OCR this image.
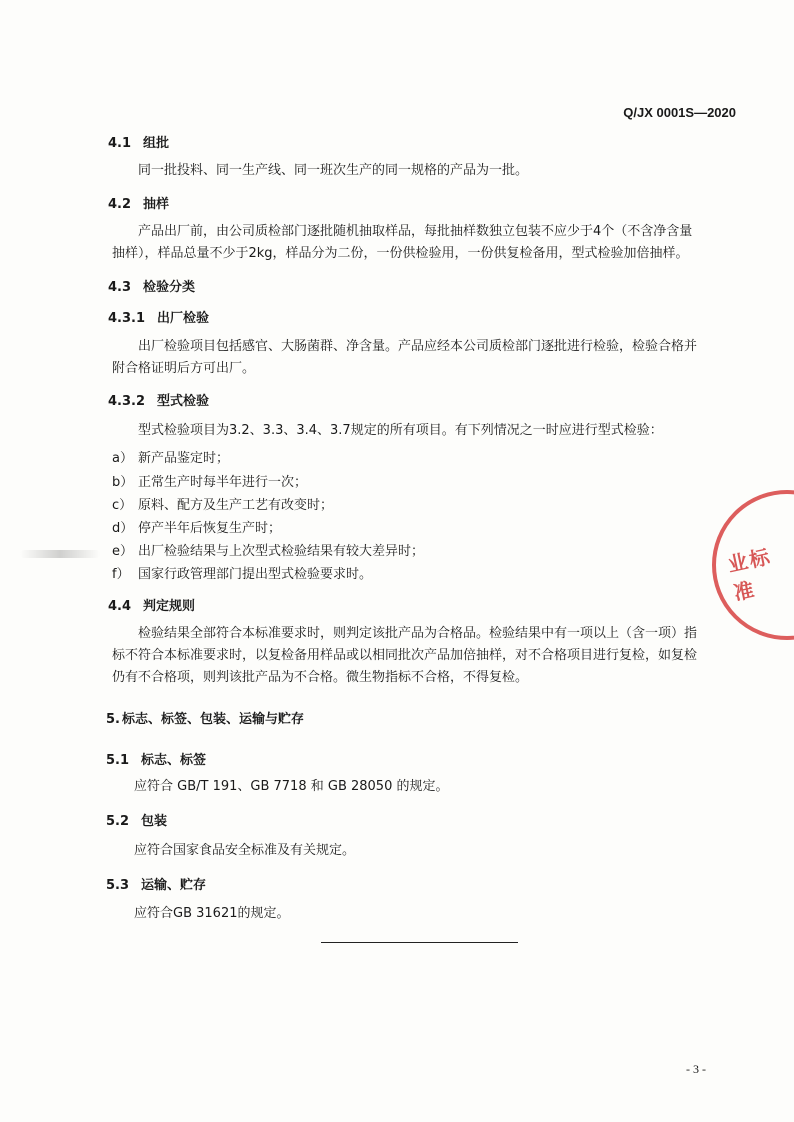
Q/JX 0001S—2020
4.1 组批
同一批投料、同一生产线、同一班次生产的同一规格的产品为一批。
4.2 抽样
产品出厂前，由公司质检部门逐批随机抽取样品，每批抽样数独立包装不应少于4个（不含净含量
抽样），样品总量不少于2kg，样品分为二份，一份供检验用，一份供复检备用，型式检验加倍抽样。
4.3 检验分类
4.3.1 出厂检验
出厂检验项目包括感官、大肠菌群、净含量。产品应经本公司质检部门逐批进行检验，检验合格并
附合格证明后方可出厂。
4.3.2 型式检验
型式检验项目为3.2、3.3、3.4、3.7规定的所有项目。有下列情况之一时应进行型式检验：
a） 新产品鉴定时；
b） 正常生产时每半年进行一次；
c） 原料、配方及生产工艺有改变时；
d） 停产半年后恢复生产时；
e） 出厂检验结果与上次型式检验结果有较大差异时；
f） 国家行政管理部门提出型式检验要求时。
4.4 判定规则
检验结果全部符合本标准要求时，则判定该批产品为合格品。检验结果中有一项以上（含一项）指
标不符合本标准要求时，以复检备用样品或以相同批次产品加倍抽样，对不合格项目进行复检，如复检
仍有不合格项，则判该批产品为不合格。微生物指标不合格，不得复检。
5. 标志、标签、包装、运输与贮存
5.1 标志、标签
应符合 GB/T 191、GB 7718 和 GB 28050 的规定。
5.2 包装
应符合国家食品安全标准及有关规定。
5.3 运输、贮存
应符合GB 31621的规定。
- 3 -
业标准
